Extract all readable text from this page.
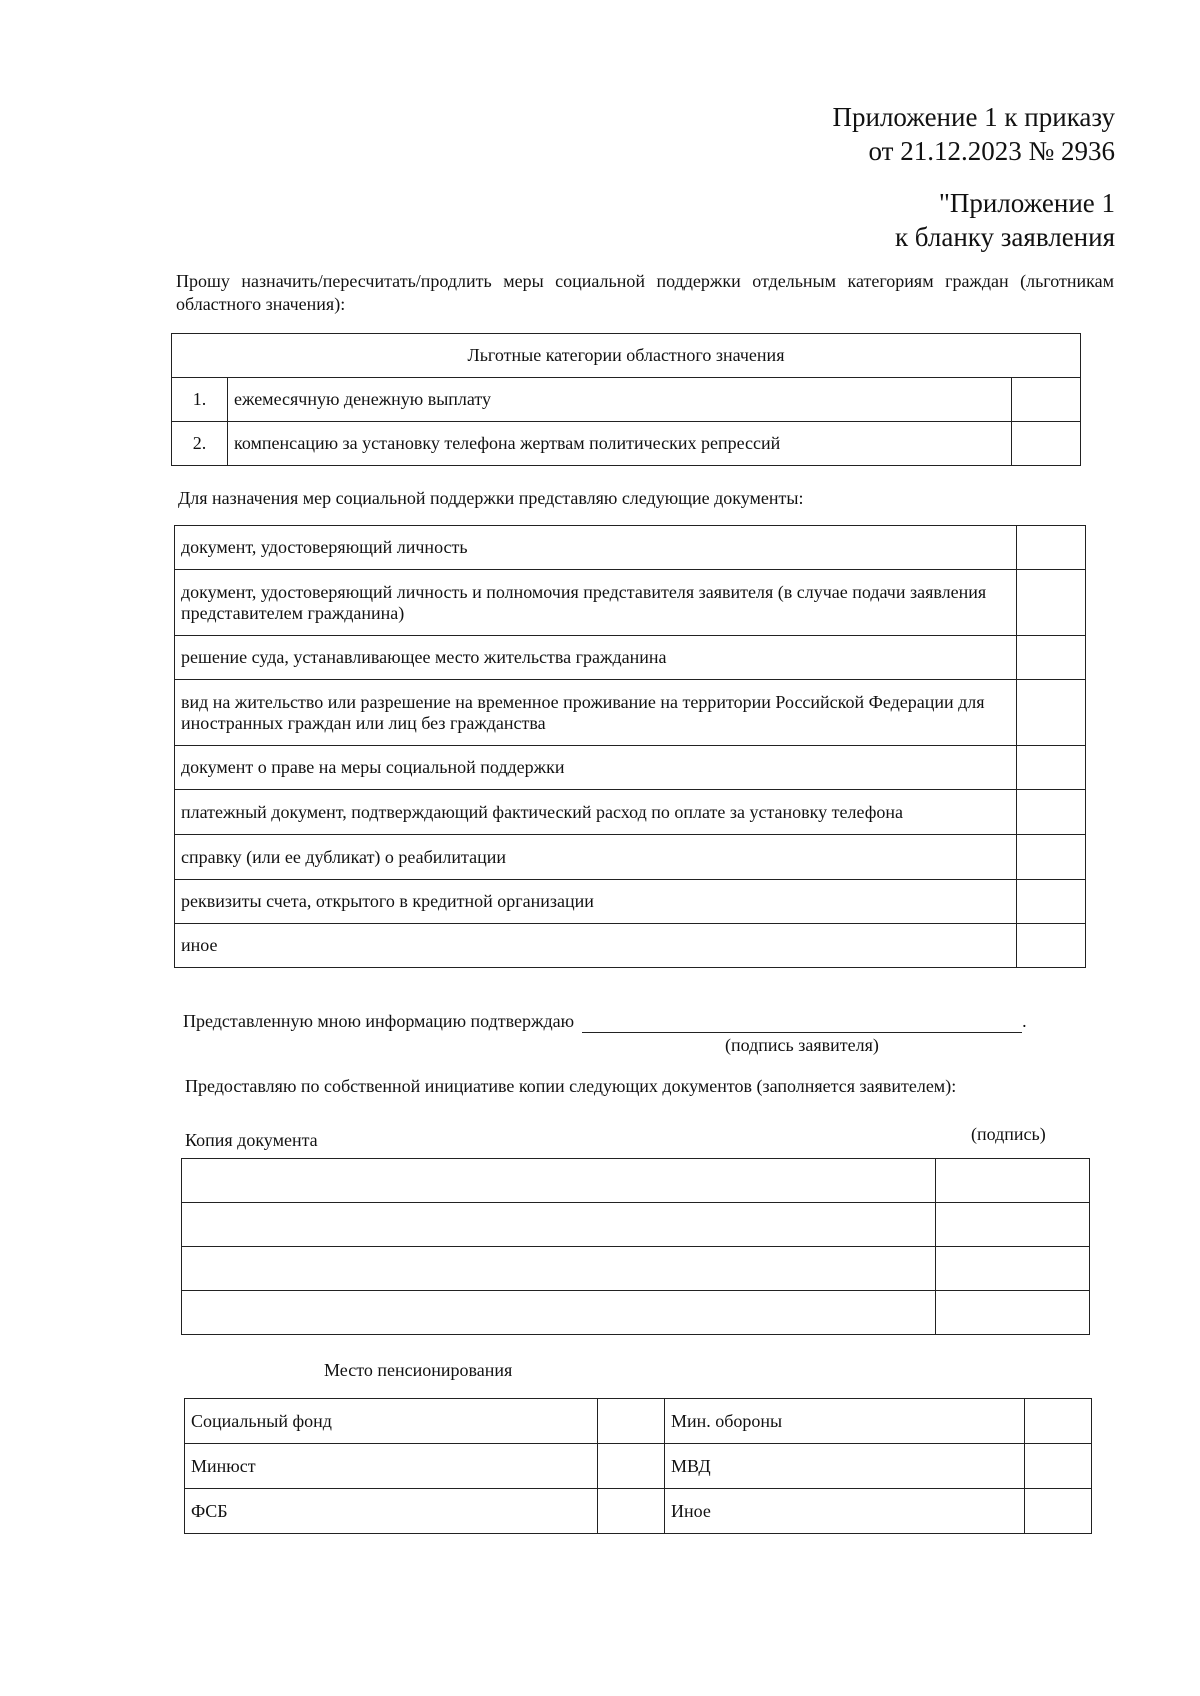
Приложение 1 к приказу
от 21.12.2023 № 2936
"Приложение 1
к бланку заявления
Прошу назначить/пересчитать/продлить меры социальной поддержки отдельным категориям граждан (льготникам областного значения):
Льготные категории областного значения		
1.	ежемесячную денежную выплату	
2.	компенсацию за установку телефона жертвам политических репрессий	
Для назначения мер социальной поддержки представляю следующие документы:
документ, удостоверяющий личность	
документ, удостоверяющий личность и полномочия представителя заявителя (в случае подачи заявления представителем гражданина)	
решение суда, устанавливающее место жительства гражданина	
вид на жительство или разрешение на временное проживание на территории Российской Федерации для иностранных граждан или лиц без гражданства	
документ о праве на меры социальной поддержки	
платежный документ, подтверждающий фактический расход по оплате за установку телефона	
справку (или ее дубликат) о реабилитации	
реквизиты счета, открытого в кредитной организации	
иное	
Представленную мною информацию подтверждаю	.
(подпись заявителя)
Предоставляю по собственной инициативе копии следующих документов (заполняется заявителем):
Копия документа	(подпись)

Место пенсионирования
Социальный фонд		Мин. обороны	
Минюст		МВД	
ФСБ		Иное	
